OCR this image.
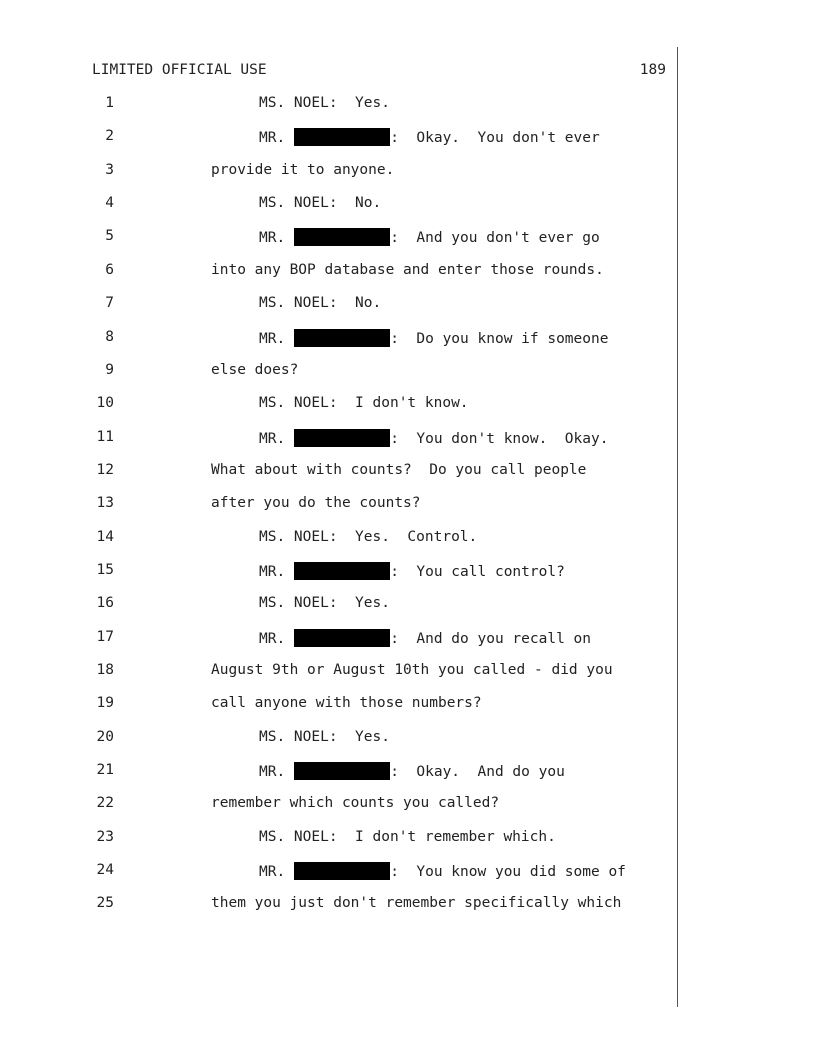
LIMITED OFFICIAL USE	189
1	MS. NOEL: Yes.
2	MR.	:  Okay.  You don't ever
3	provide it to anyone.
4	MS. NOEL: No.
5	MR.	:  And you don't ever go
6	into any BOP database and enter those rounds.
7	MS. NOEL: No.
8	MR.	:  Do you know if someone
9	else does?
10	MS. NOEL: I don't know.
11	MR.	:  You don't know.  Okay.
12	What about with counts?  Do you call people
13	after you do the counts?
14	MS. NOEL: Yes.  Control.
15	MR.	:  You call control?
16	MS. NOEL: Yes.
17	MR.	:  And do you recall on
18	August 9th or August 10th you called - did you
19	call anyone with those numbers?
20	MS. NOEL: Yes.
21	MR.	:  Okay.  And do you
22	remember which counts you called?
23	MS. NOEL: I don't remember which.
24	MR.	:  You know you did some of
25	them you just don't remember specifically which
